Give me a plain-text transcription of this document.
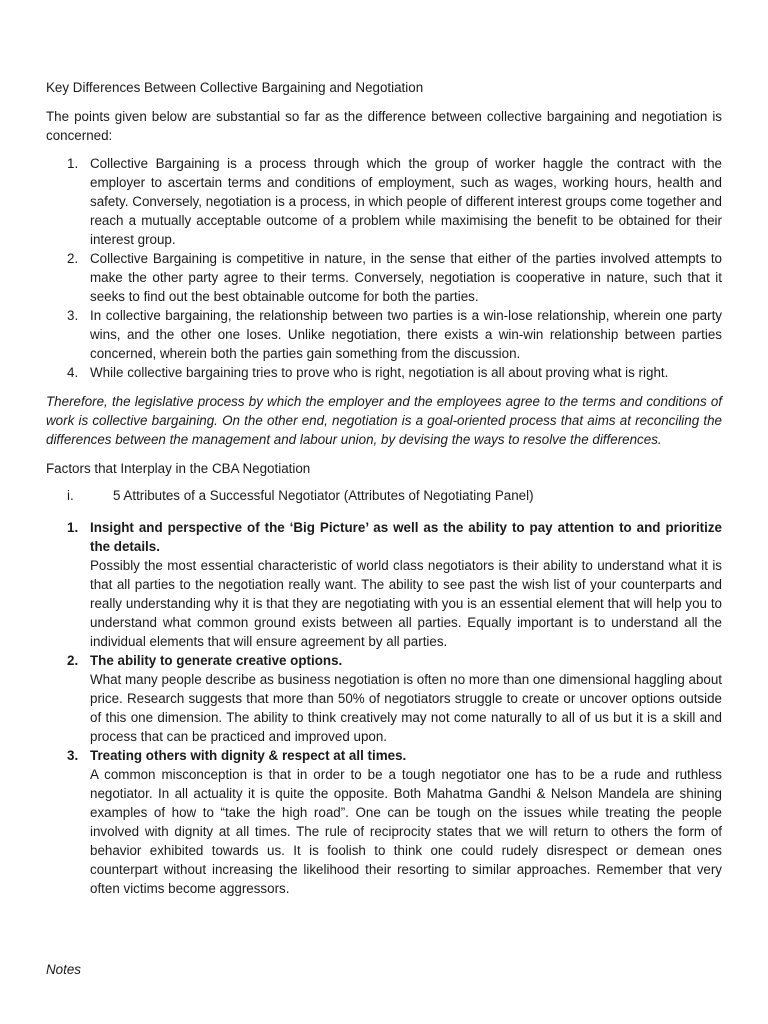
Key Differences Between Collective Bargaining and Negotiation

The points given below are substantial so far as the difference between collective bargaining and negotiation is concerned:

1. Collective Bargaining is a process through which the group of worker haggle the contract with the employer to ascertain terms and conditions of employment, such as wages, working hours, health and safety. Conversely, negotiation is a process, in which people of different interest groups come together and reach a mutually acceptable outcome of a problem while maximising the benefit to be obtained for their interest group.
2. Collective Bargaining is competitive in nature, in the sense that either of the parties involved attempts to make the other party agree to their terms. Conversely, negotiation is cooperative in nature, such that it seeks to find out the best obtainable outcome for both the parties.
3. In collective bargaining, the relationship between two parties is a win-lose relationship, wherein one party wins, and the other one loses. Unlike negotiation, there exists a win-win relationship between parties concerned, wherein both the parties gain something from the discussion.
4. While collective bargaining tries to prove who is right, negotiation is all about proving what is right.

Therefore, the legislative process by which the employer and the employees agree to the terms and conditions of work is collective bargaining. On the other end, negotiation is a goal-oriented process that aims at reconciling the differences between the management and labour union, by devising the ways to resolve the differences.

Factors that Interplay in the CBA Negotiation

i.	5 Attributes of a Successful Negotiator (Attributes of Negotiating Panel)
1. Insight and perspective of the ‘Big Picture’ as well as the ability to pay attention to and prioritize the details.
Possibly the most essential characteristic of world class negotiators is their ability to understand what it is that all parties to the negotiation really want. The ability to see past the wish list of your counterparts and really understanding why it is that they are negotiating with you is an essential element that will help you to understand what common ground exists between all parties. Equally important is to understand all the individual elements that will ensure agreement by all parties.
2. The ability to generate creative options.
What many people describe as business negotiation is often no more than one dimensional haggling about price. Research suggests that more than 50% of negotiators struggle to create or uncover options outside of this one dimension. The ability to think creatively may not come naturally to all of us but it is a skill and process that can be practiced and improved upon.
3. Treating others with dignity & respect at all times.
A common misconception is that in order to be a tough negotiator one has to be a rude and ruthless negotiator. In all actuality it is quite the opposite. Both Mahatma Gandhi & Nelson Mandela are shining examples of how to “take the high road”. One can be tough on the issues while treating the people involved with dignity at all times. The rule of reciprocity states that we will return to others the form of behavior exhibited towards us. It is foolish to think one could rudely disrespect or demean ones counterpart without increasing the likelihood their resorting to similar approaches. Remember that very often victims become aggressors.

Notes
